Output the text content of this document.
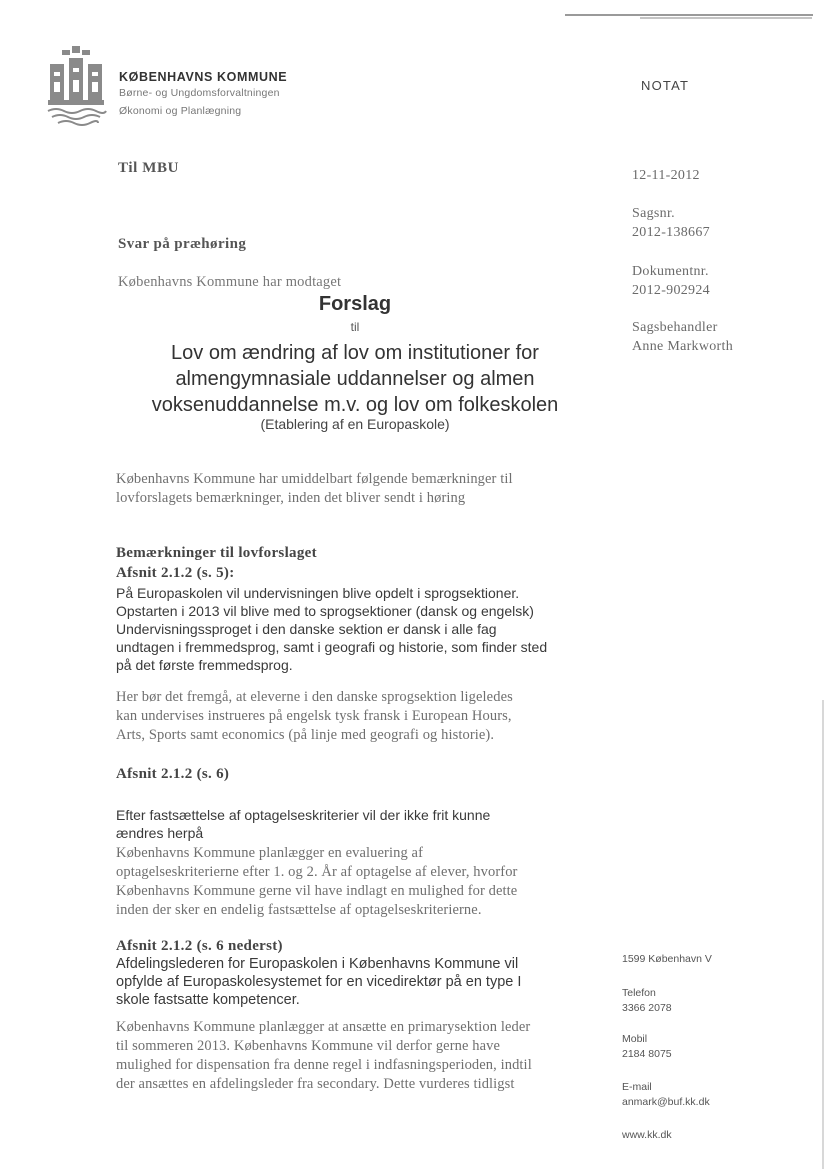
KØBENHAVNS KOMMUNE
Børne- og Ungdomsforvaltningen
Økonomi og Planlægning
NOTAT
12-11-2012
Sagsnr.
2012-138667
Dokumentnr.
2012-902924
Sagsbehandler
Anne Markworth
Til MBU
Svar på præhøring
Københavns Kommune har modtaget
Forslag
til
Lov om ændring af lov om institutioner for
almengymnasiale uddannelser og almen
voksenuddannelse m.v. og lov om folkeskolen
(Etablering af en Europaskole)
Københavns Kommune har umiddelbart følgende bemærkninger til
lovforslagets bemærkninger, inden det bliver sendt i høring
Bemærkninger til lovforslaget
Afsnit 2.1.2 (s. 5):
På Europaskolen vil undervisningen blive opdelt i sprogsektioner.
Opstarten i 2013 vil blive med to sprogsektioner (dansk og engelsk)
Undervisningssproget i den danske sektion er dansk i alle fag
undtagen i fremmedsprog, samt i geografi og historie, som finder sted
på det første fremmedsprog.
Her bør det fremgå, at eleverne i den danske sprogsektion ligeledes
kan undervises instrueres på engelsk tysk fransk i European Hours,
Arts, Sports samt economics (på linje med geografi og historie).
Afsnit 2.1.2 (s. 6)
Efter fastsættelse af optagelseskriterier vil der ikke frit kunne
ændres herpå
Københavns Kommune planlægger en evaluering af
optagelseskriterierne efter 1. og 2. År af optagelse af elever, hvorfor
Københavns Kommune gerne vil have indlagt en mulighed for dette
inden der sker en endelig fastsættelse af optagelseskriterierne.
Afsnit 2.1.2 (s. 6 nederst)
Afdelingslederen for Europaskolen i Københavns Kommune vil
opfylde af Europaskolesystemet for en vicedirektør på en type I
skole fastsatte kompetencer.
Københavns Kommune planlægger at ansætte en primarysektion leder
til sommeren 2013. Københavns Kommune vil derfor gerne have
mulighed for dispensation fra denne regel i indfasningsperioden, indtil
der ansættes en afdelingsleder fra secondary. Dette vurderes tidligst
1599 København V
Telefon
3366 2078
Mobil
2184 8075
E-mail
anmark@buf.kk.dk
www.kk.dk
